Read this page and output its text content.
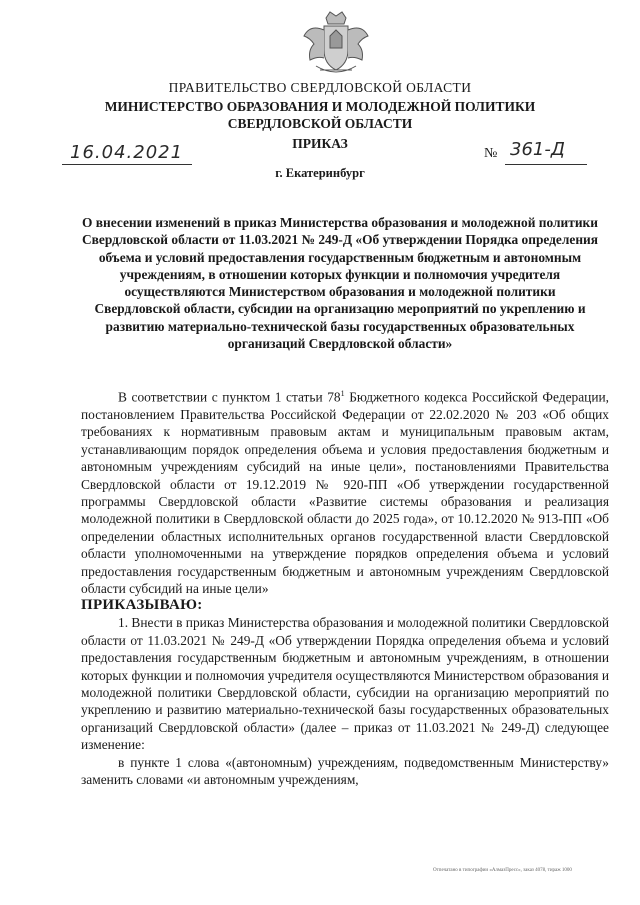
ПРАВИТЕЛЬСТВО СВЕРДЛОВСКОЙ ОБЛАСТИ
МИНИСТЕРСТВО ОБРАЗОВАНИЯ И МОЛОДЕЖНОЙ ПОЛИТИКИ
СВЕРДЛОВСКОЙ ОБЛАСТИ
ПРИКАЗ
16.04.2021	№ 361-Д
г. Екатеринбург
О внесении изменений в приказ Министерства образования и молодежной политики Свердловской области от 11.03.2021 № 249-Д «Об утверждении Порядка определения объема и условий предоставления государственным бюджетным и автономным учреждениям, в отношении которых функции и полномочия учредителя осуществляются Министерством образования и молодежной политики Свердловской области, субсидии на организацию мероприятий по укреплению и развитию материально-технической базы государственных образовательных организаций Свердловской области»

В соответствии с пунктом 1 статьи $78^1$ Бюджетного кодекса Российской Федерации, постановлением Правительства Российской Федерации от 22.02.2020 № 203 «Об общих требованиях к нормативным правовым актам и муниципальным правовым актам, устанавливающим порядок определения объема и условия предоставления бюджетным и автономным учреждениям субсидий на иные цели», постановлениями Правительства Свердловской области от 19.12.2019 № 920-ПП «Об утверждении государственной программы Свердловской области «Развитие системы образования и реализация молодежной политики в Свердловской области до 2025 года», от 10.12.2020 № 913-ПП «Об определении областных исполнительных органов государственной власти Свердловской области уполномоченными на утверждение порядков определения объема и условий предоставления государственным бюджетным и автономным учреждениям Свердловской области субсидий на иные цели»

ПРИКАЗЫВАЮ:

1. Внести в приказ Министерства образования и молодежной политики Свердловской области от 11.03.2021 № 249-Д «Об утверждении Порядка определения объема и условий предоставления государственным бюджетным и автономным учреждениям, в отношении которых функции и полномочия учредителя осуществляются Министерством образования и молодежной политики Свердловской области, субсидии на организацию мероприятий по укреплению и развитию материально-технической базы государственных образовательных организаций Свердловской области» (далее – приказ от 11.03.2021 № 249-Д) следующее изменение:

в пункте 1 слова «(автономным) учреждениям, подведомственным Министерству» заменить словами «и автономным учреждениям,

Отпечатано в типографии «АлмазПресс», заказ 4078, тираж 1000
